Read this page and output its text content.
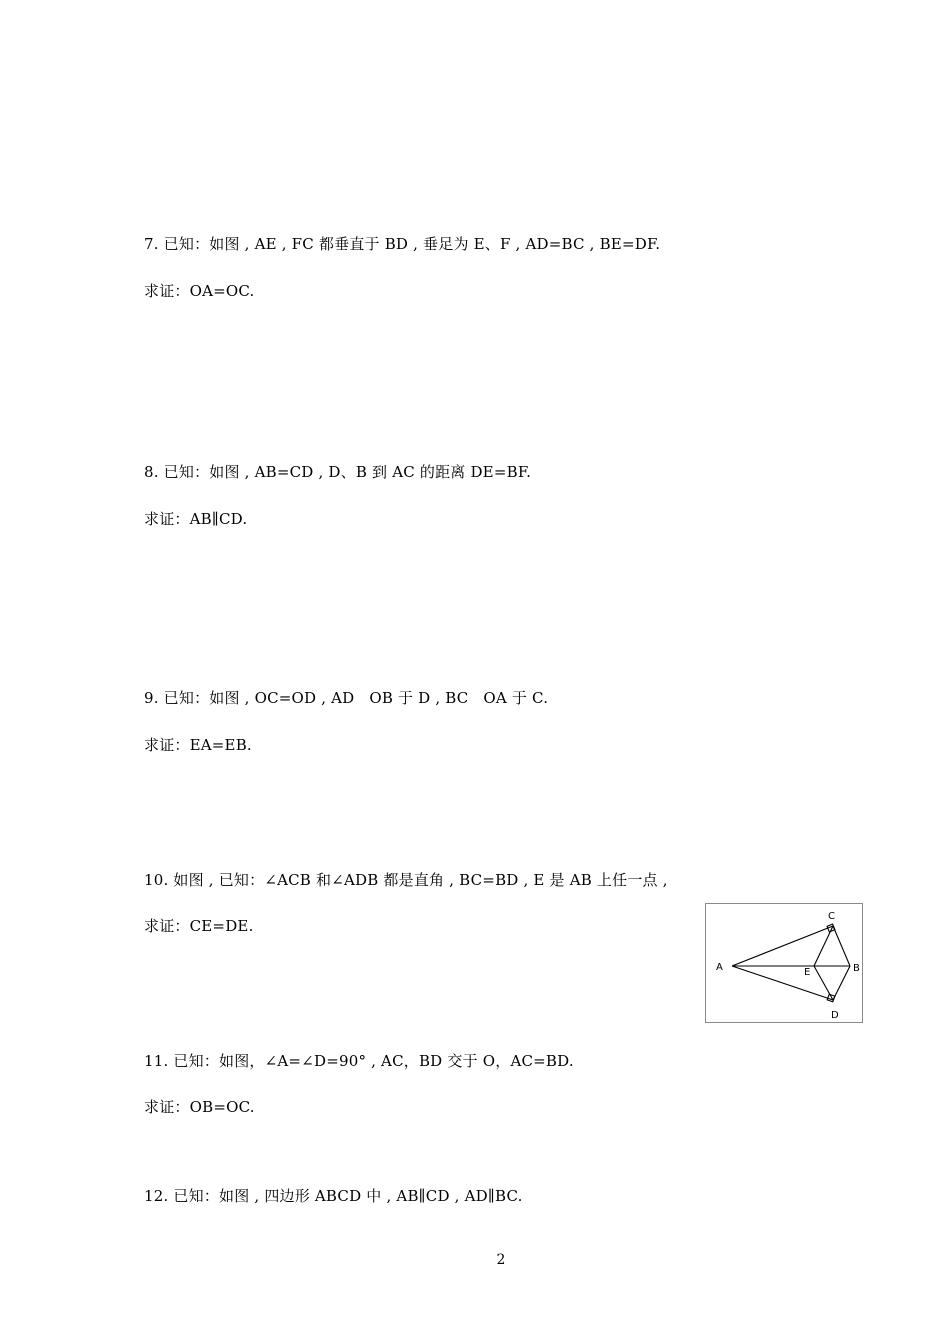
7. 已知：如图 , AE , FC 都垂直于 BD , 垂足为 E、F , AD=BC , BE=DF.
求证：OA=OC.
8. 已知：如图 , AB=CD , D、B 到 AC 的距离 DE=BF.
求证：AB∥CD.
9. 已知：如图 , OC=OD , AD   OB 于 D , BC   OA 于 C.
求证：EA=EB.
10. 如图 , 已知：∠ACB 和∠ADB 都是直角 , BC=BD , E 是 AB 上任一点 ,
求证：CE=DE.
A	B
C
D
E
11. 已知：如图，∠A=∠D=90° , AC，BD 交于 O，AC=BD.
求证：OB=OC.
12. 已知：如图 , 四边形 ABCD 中 , AB∥CD , AD∥BC.
2
